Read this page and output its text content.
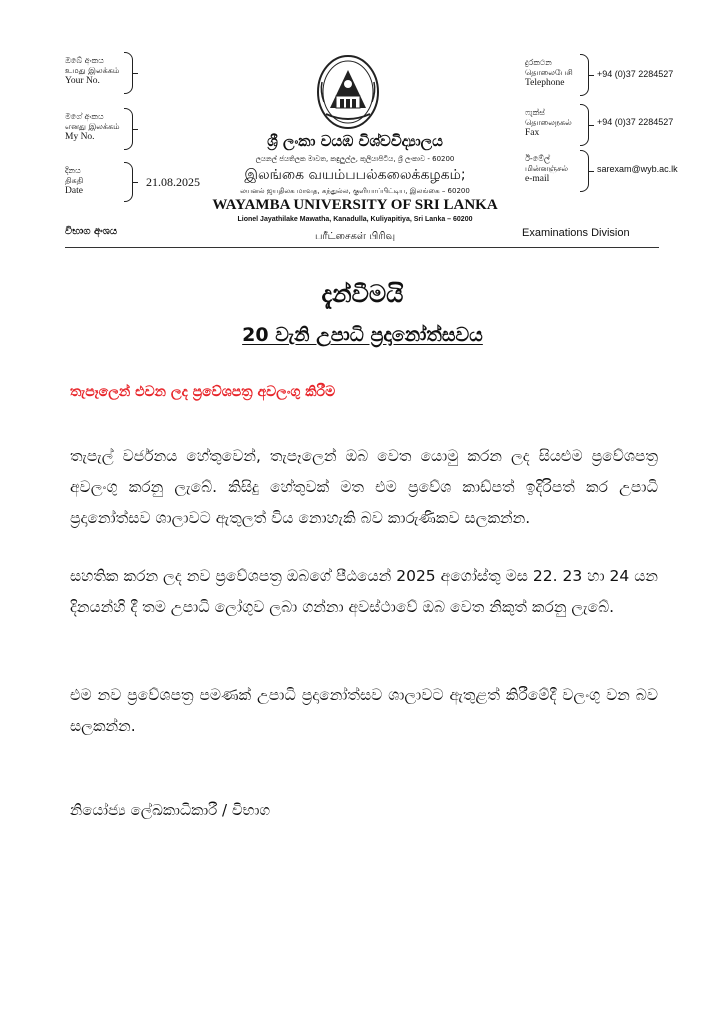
ඔබේ අංකය
உமது இலக்கம்
Your No.
මගේ අංකය
எனது இலக்கம்
My No.
දිනය
திகதி
Date
21.08.2025
විභාග අංශය
ශ්‍රී ලංකා වයඹ විශ්වවිද්‍යාලය
ලයනල් ජයතිලක මාවත, කඳුලුල්ල, කුලියාපිටිය, ශ්‍රී ලංකාව - 60200
இலங்கை வயம்பபல்கலைக்கழகம்;
லயனல் ஜயதிலக மாவத, கந்துல்ல, குளியாப்பிட்டிய, இலங்கை – 60200
WAYAMBA UNIVERSITY OF SRI LANKA
Lionel Jayathilake Mawatha, Kanadulla, Kuliyapitiya, Sri Lanka – 60200
பரீட்சைகள் பிரிவு
දුරකථන
தொலைபேசி
Telephone
+94 (0)37 2284527
ෆැක්ස්
தொலைநகல்
Fax
+94 (0)37 2284527
ඊ-මේල්
மின்னஞ்சல்
e-mail
sarexam@wyb.ac.lk
Examinations Division
දැන්වීමයි
20 වැනි උපාධි ප්‍රදානෝත්සවය
තැපෑලෙන් එවන ලද ප්‍රවේශපත්‍ර අවලංගු කිරීම
තැපැල් වර්ජනය හේතුවෙන්, තැපෑලෙන් ඔබ වෙත යොමු කරන ලද සියළුම ප්‍රවේශපත්‍ර අවලංගු කරනු ලැබේ. කිසිදු හේතුවක් මත එම ප්‍රවේශ කාඩ්පත් ඉදිරිපත් කර උපාධි ප්‍රදානෝත්සව ශාලාවට ඇතුලත් විය නොහැකි බව කාරුණිකව සලකන්න.
සහතික කරන ලද නව ප්‍රවේශපත්‍ර ඔබගේ පීඨයෙන් 2025 අගෝස්තු මස 22. 23 හා 24 යන දිනයන්හි දී තම උපාධි ලෝගුව ලබා ගන්නා අවස්ථාවේ ඔබ වෙත නිකුත් කරනු ලැබේ.
එම නව ප්‍රවේශපත්‍ර පමණක් උපාධි ප්‍රදානෝත්සව ශාලාවට ඇතුළත් කිරීමේදී වලංගු වන බව සලකන්න.
නියෝජ්‍ය ලේඛකාධිකාරී / විභාග
